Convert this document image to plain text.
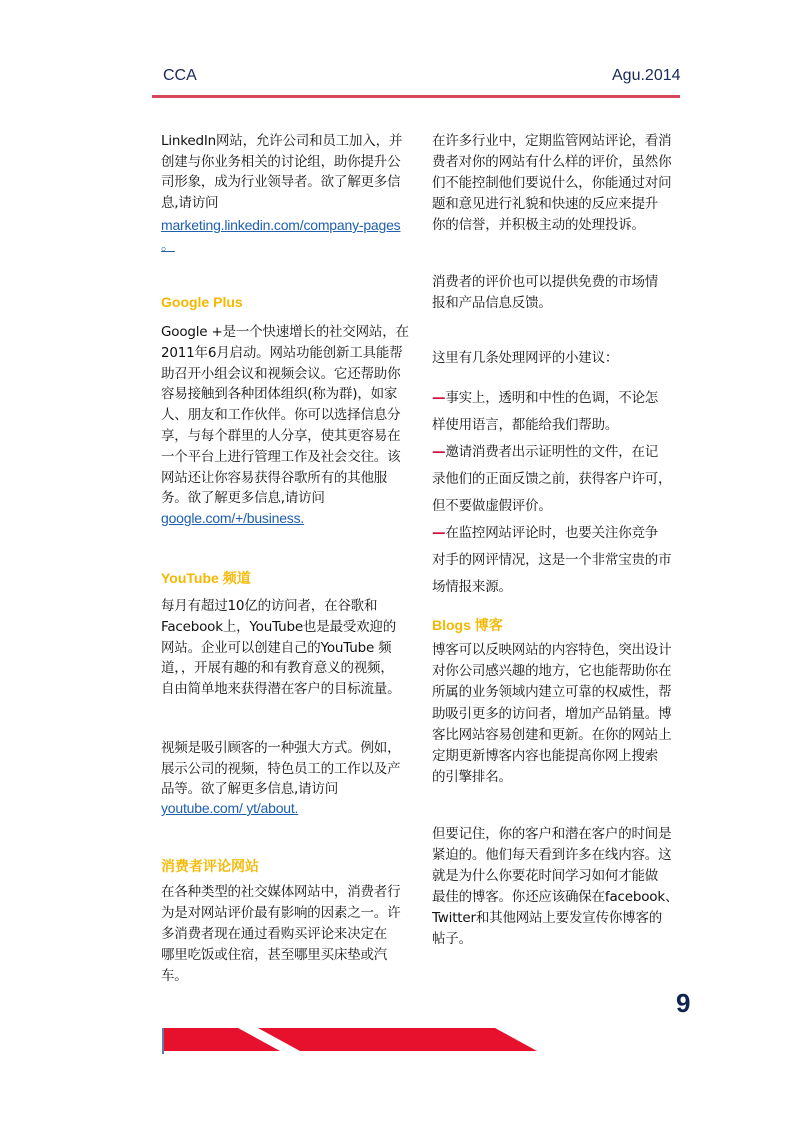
CCA	Agu.2014
LinkedIn网站，允许公司和员工加入，并
创建与你业务相关的讨论组，助你提升公
司形象，成为行业领导者。欲了解更多信
息,请访问
marketing.linkedin.com/company-pages
。
Google Plus
Google +是一个快速增长的社交网站，在
2011年6月启动。网站功能创新工具能帮
助召开小组会议和视频会议。它还帮助你
容易接触到各种团体组织(称为群)，如家
人、朋友和工作伙伴。你可以选择信息分
享，与每个群里的人分享，使其更容易在
一个平台上进行管理工作及社会交往。该
网站还让你容易获得谷歌所有的其他服
务。欲了解更多信息,请访问
google.com/+/business.
YouTube 频道
每月有超过10亿的访问者，在谷歌和
Facebook上，YouTube也是最受欢迎的
网站。企业可以创建自己的YouTube 频
道，，开展有趣的和有教育意义的视频，
自由简单地来获得潜在客户的目标流量。
视频是吸引顾客的一种强大方式。例如，
展示公司的视频，特色员工的工作以及产
品等。欲了解更多信息,请访问
youtube.com/ yt/about.
消费者评论网站
在各种类型的社交媒体网站中，消费者行
为是对网站评价最有影响的因素之一。许
多消费者现在通过看购买评论来决定在
哪里吃饭或住宿，甚至哪里买床垫或汽
车。
在许多行业中，定期监管网站评论，看消
费者对你的网站有什么样的评价，虽然你
们不能控制他们要说什么，你能通过对问
题和意见进行礼貌和快速的反应来提升
你的信誉，并积极主动的处理投诉。
消费者的评价也可以提供免费的市场情
报和产品信息反馈。
这里有几条处理网评的小建议：
—事实上，透明和中性的色调，不论怎
样使用语言，都能给我们帮助。
—邀请消费者出示证明性的文件，在记
录他们的正面反馈之前，获得客户许可，
但不要做虚假评价。
—在监控网站评论时，也要关注你竞争
对手的网评情况，这是一个非常宝贵的市
场情报来源。
Blogs 博客
博客可以反映网站的内容特色，突出设计
对你公司感兴趣的地方，它也能帮助你在
所属的业务领域内建立可靠的权威性，帮
助吸引更多的访问者，增加产品销量。博
客比网站容易创建和更新。在你的网站上
定期更新博客内容也能提高你网上搜索
的引擎排名。
但要记住，你的客户和潜在客户的时间是
紧迫的。他们每天看到许多在线内容。这
就是为什么你要花时间学习如何才能做
最佳的博客。你还应该确保在facebook、
Twitter和其他网站上要发宣传你博客的
帖子。
9
